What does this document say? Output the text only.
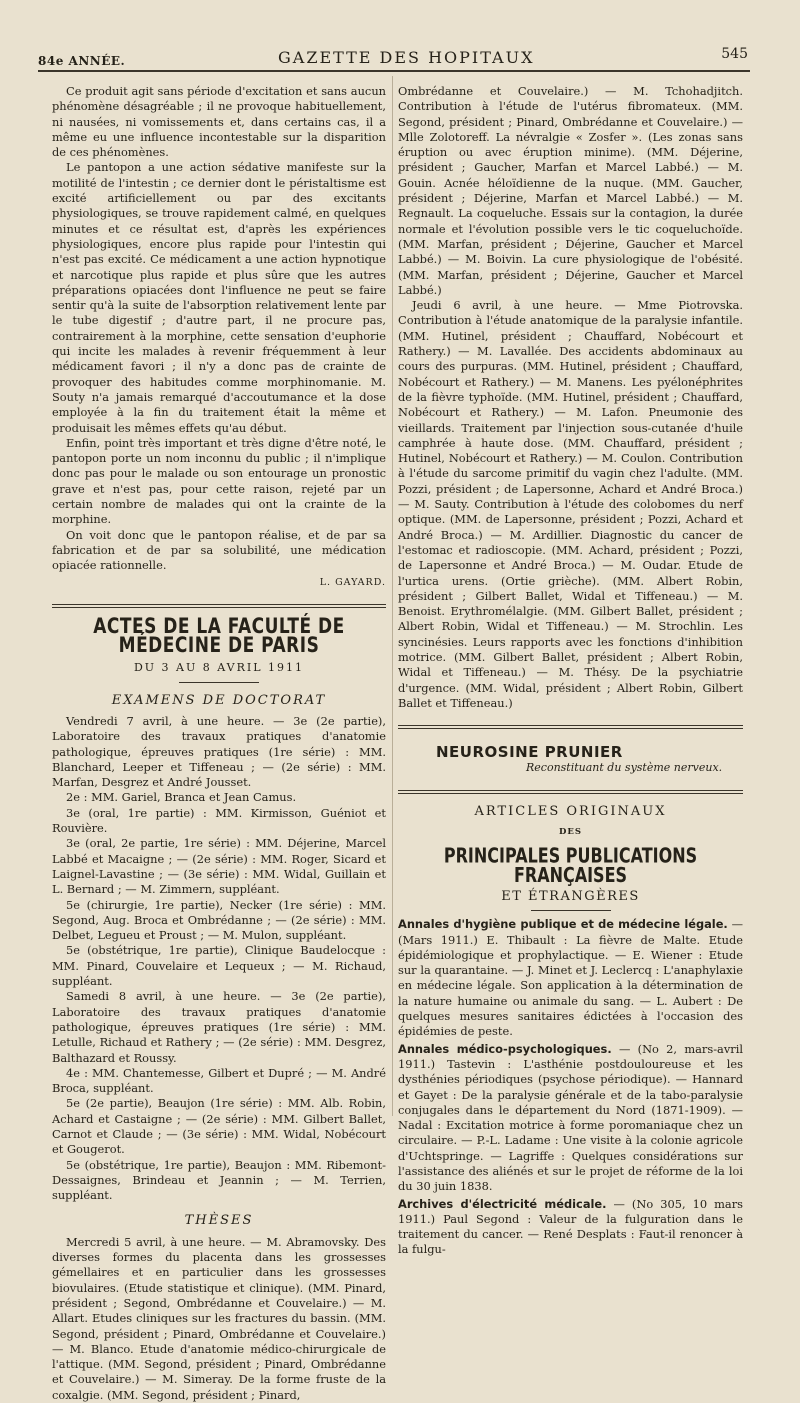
84e ANNÉE.	GAZETTE DES HOPITAUX	545

Ce produit agit sans période d'excitation et sans aucun phénomène désagréable ; il ne provoque habituellement, ni nausées, ni vomissements et, dans certains cas, il a même eu une influence incontestable sur la disparition de ces phénomènes.

Le pantopon a une action sédative manifeste sur la motilité de l'intestin ; ce dernier dont le péristaltisme est excité artificiellement ou par des excitants physiologiques, se trouve rapidement calmé, en quelques minutes et ce résultat est, d'après les expériences physiologiques, encore plus rapide pour l'intestin qui n'est pas excité. Ce médicament a une action hypnotique et narcotique plus rapide et plus sûre que les autres préparations opiacées dont l'influence ne peut se faire sentir qu'à la suite de l'absorption relativement lente par le tube digestif ; d'autre part, il ne procure pas, contrairement à la morphine, cette sensation d'euphorie qui incite les malades à revenir fréquemment à leur médicament favori ; il n'y a donc pas de crainte de provoquer des habitudes comme morphinomanie. M. Souty n'a jamais remarqué d'accoutumance et la dose employée à la fin du traitement était la même et produisait les mêmes effets qu'au début.

Enfin, point très important et très digne d'être noté, le pantopon porte un nom inconnu du public ; il n'implique donc pas pour le malade ou son entourage un pronostic grave et n'est pas, pour cette raison, rejeté par un certain nombre de malades qui ont la crainte de la morphine.

On voit donc que le pantopon réalise, et de par sa fabrication et de par sa solubilité, une médication opiacée rationnelle.

L. GAYARD.
ACTES DE LA FACULTÉ DE MÉDECINE DE PARIS
DU 3 AU 8 AVRIL 1911
EXAMENS DE DOCTORAT

Vendredi 7 avril, à une heure. — 3e (2e partie), Laboratoire des travaux pratiques d'anatomie pathologique, épreuves pratiques (1re série) : MM. Blanchard, Leeper et Tiffeneau ; — (2e série) : MM. Marfan, Desgrez et André Jousset.

2e : MM. Gariel, Branca et Jean Camus.

3e (oral, 1re partie) : MM. Kirmisson, Guéniot et Rouvière.

3e (oral, 2e partie, 1re série) : MM. Déjerine, Marcel Labbé et Macaigne ; — (2e série) : MM. Roger, Sicard et Laignel-Lavastine ; — (3e série) : MM. Widal, Guillain et L. Bernard ; — M. Zimmern, suppléant.

5e (chirurgie, 1re partie), Necker (1re série) : MM. Segond, Aug. Broca et Ombrédanne ; — (2e série) : MM. Delbet, Legueu et Proust ; — M. Mulon, suppléant.

5e (obstétrique, 1re partie), Clinique Baudelocque : MM. Pinard, Couvelaire et Lequeux ; — M. Richaud, suppléant.

Samedi 8 avril, à une heure. — 3e (2e partie), Laboratoire des travaux pratiques d'anatomie pathologique, épreuves pratiques (1re série) : MM. Letulle, Richaud et Rathery ; — (2e série) : MM. Desgrez, Balthazard et Roussy.

4e : MM. Chantemesse, Gilbert et Dupré ; — M. André Broca, suppléant.

5e (2e partie), Beaujon (1re série) : MM. Alb. Robin, Achard et Castaigne ; — (2e série) : MM. Gilbert Ballet, Carnot et Claude ; — (3e série) : MM. Widal, Nobécourt et Gougerot.

5e (obstétrique, 1re partie), Beaujon : MM. Ribemont-Dessaignes, Brindeau et Jeannin ; — M. Terrien, suppléant.

THÈSES

Mercredi 5 avril, à une heure. — M. Abramovsky. Des diverses formes du placenta dans les grossesses gémellaires et en particulier dans les grossesses biovulaires. (Etude statistique et clinique). (MM. Pinard, président ; Segond, Ombrédanne et Couvelaire.) — M. Allart. Etudes cliniques sur les fractures du bassin. (MM. Segond, président ; Pinard, Ombrédanne et Couvelaire.) — M. Blanco. Etude d'anatomie médico-chirurgicale de l'attique. (MM. Segond, président ; Pinard, Ombrédanne et Couvelaire.) — M. Simeray. De la forme fruste de la coxalgie. (MM. Segond, président ; Pinard,

Ombrédanne et Couvelaire.) — M. Tchohadjitch. Contribution à l'étude de l'utérus fibromateux. (MM. Segond, président ; Pinard, Ombrédanne et Couvelaire.) — Mlle Zolotoreff. La névralgie « Zosfer ». (Les zonas sans éruption ou avec éruption minime). (MM. Déjerine, président ; Gaucher, Marfan et Marcel Labbé.) — M. Gouin. Acnée héloïdienne de la nuque. (MM. Gaucher, président ; Déjerine, Marfan et Marcel Labbé.) — M. Regnault. La coqueluche. Essais sur la contagion, la durée normale et l'évolution possible vers le tic coqueluchoïde. (MM. Marfan, président ; Déjerine, Gaucher et Marcel Labbé.) — M. Boivin. La cure physiologique de l'obésité. (MM. Marfan, président ; Déjerine, Gaucher et Marcel Labbé.)

Jeudi 6 avril, à une heure. — Mme Piotrovska. Contribution à l'étude anatomique de la paralysie infantile. (MM. Hutinel, président ; Chauffard, Nobécourt et Rathery.) — M. Lavallée. Des accidents abdominaux au cours des purpuras. (MM. Hutinel, président ; Chauffard, Nobécourt et Rathery.) — M. Manens. Les pyélonéphrites de la fièvre typhoïde. (MM. Hutinel, président ; Chauffard, Nobécourt et Rathery.) — M. Lafon. Pneumonie des vieillards. Traitement par l'injection sous-cutanée d'huile camphrée à haute dose. (MM. Chauffard, président ; Hutinel, Nobécourt et Rathery.) — M. Coulon. Contribution à l'étude du sarcome primitif du vagin chez l'adulte. (MM. Pozzi, président ; de Lapersonne, Achard et André Broca.) — M. Sauty. Contribution à l'étude des colobomes du nerf optique. (MM. de Lapersonne, président ; Pozzi, Achard et André Broca.) — M. Ardillier. Diagnostic du cancer de l'estomac et radioscopie. (MM. Achard, président ; Pozzi, de Lapersonne et André Broca.) — M. Oudar. Etude de l'urtica urens. (Ortie grièche). (MM. Albert Robin, président ; Gilbert Ballet, Widal et Tiffeneau.) — M. Benoist. Erythromélalgie. (MM. Gilbert Ballet, président ; Albert Robin, Widal et Tiffeneau.) — M. Strochlin. Les syncinésies. Leurs rapports avec les fonctions d'inhibition motrice. (MM. Gilbert Ballet, président ; Albert Robin, Widal et Tiffeneau.) — M. Thésy. De la psychiatrie d'urgence. (MM. Widal, président ; Albert Robin, Gilbert Ballet et Tiffeneau.)

NEUROSINE PRUNIER
Reconstituant du système nerveux.
ARTICLES ORIGINAUX
DES
PRINCIPALES PUBLICATIONS FRANÇAISES
ET ÉTRANGÈRES

Annales d'hygiène publique et de médecine légale. — (Mars 1911.) E. Thibault : La fièvre de Malte. Etude épidémiologique et prophylactique. — E. Wiener : Etude sur la quarantaine. — J. Minet et J. Leclercq : L'anaphylaxie en médecine légale. Son application à la détermination de la nature humaine ou animale du sang. — L. Aubert : De quelques mesures sanitaires édictées à l'occasion des épidémies de peste.

Annales médico-psychologiques. — (No 2, mars-avril 1911.) Tastevin : L'asthénie postdouloureuse et les dysthénies périodiques (psychose périodique). — Hannard et Gayet : De la paralysie générale et de la tabo-paralysie conjugales dans le département du Nord (1871-1909). — Nadal : Excitation motrice à forme poromaniaque chez un circulaire. — P.-L. Ladame : Une visite à la colonie agricole d'Uchtspringe. — Lagriffe : Quelques considérations sur l'assistance des aliénés et sur le projet de réforme de la loi du 30 juin 1838.

Archives d'électricité médicale. — (No 305, 10 mars 1911.) Paul Segond : Valeur de la fulguration dans le traitement du cancer. — René Desplats : Faut-il renoncer à la fulgu-
